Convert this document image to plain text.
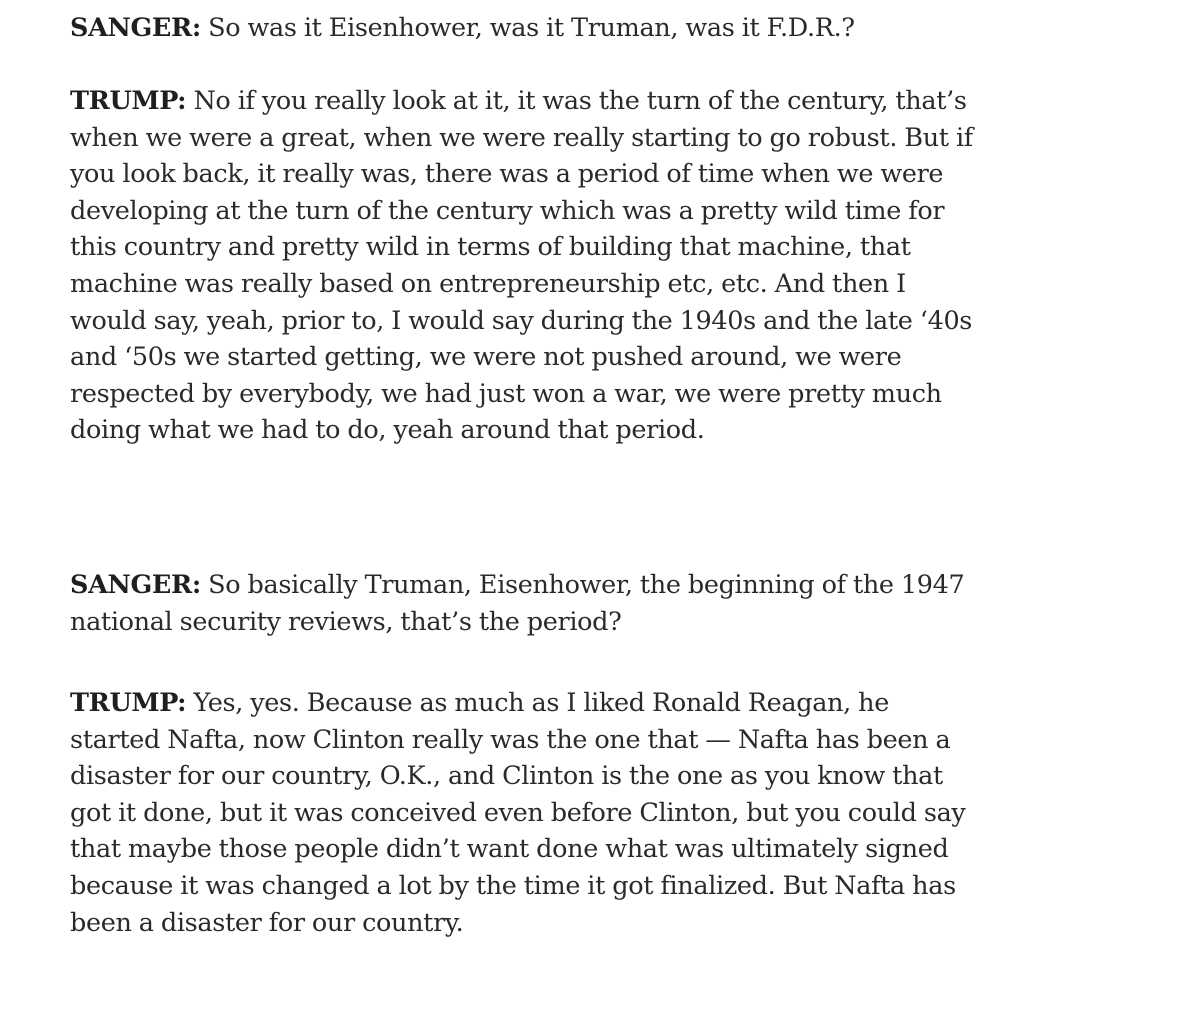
SANGER: So was it Eisenhower, was it Truman, was it F.D.R.?

TRUMP: No if you really look at it, it was the turn of the century, that’s
when we were a great, when we were really starting to go robust. But if
you look back, it really was, there was a period of time when we were
developing at the turn of the century which was a pretty wild time for
this country and pretty wild in terms of building that machine, that
machine was really based on entrepreneurship etc, etc. And then I
would say, yeah, prior to, I would say during the 1940s and the late ‘40s
and ‘50s we started getting, we were not pushed around, we were
respected by everybody, we had just won a war, we were pretty much
doing what we had to do, yeah around that period.

SANGER: So basically Truman, Eisenhower, the beginning of the 1947
national security reviews, that’s the period?

TRUMP: Yes, yes. Because as much as I liked Ronald Reagan, he
started Nafta, now Clinton really was the one that — Nafta has been a
disaster for our country, O.K., and Clinton is the one as you know that
got it done, but it was conceived even before Clinton, but you could say
that maybe those people didn’t want done what was ultimately signed
because it was changed a lot by the time it got finalized. But Nafta has
been a disaster for our country.
